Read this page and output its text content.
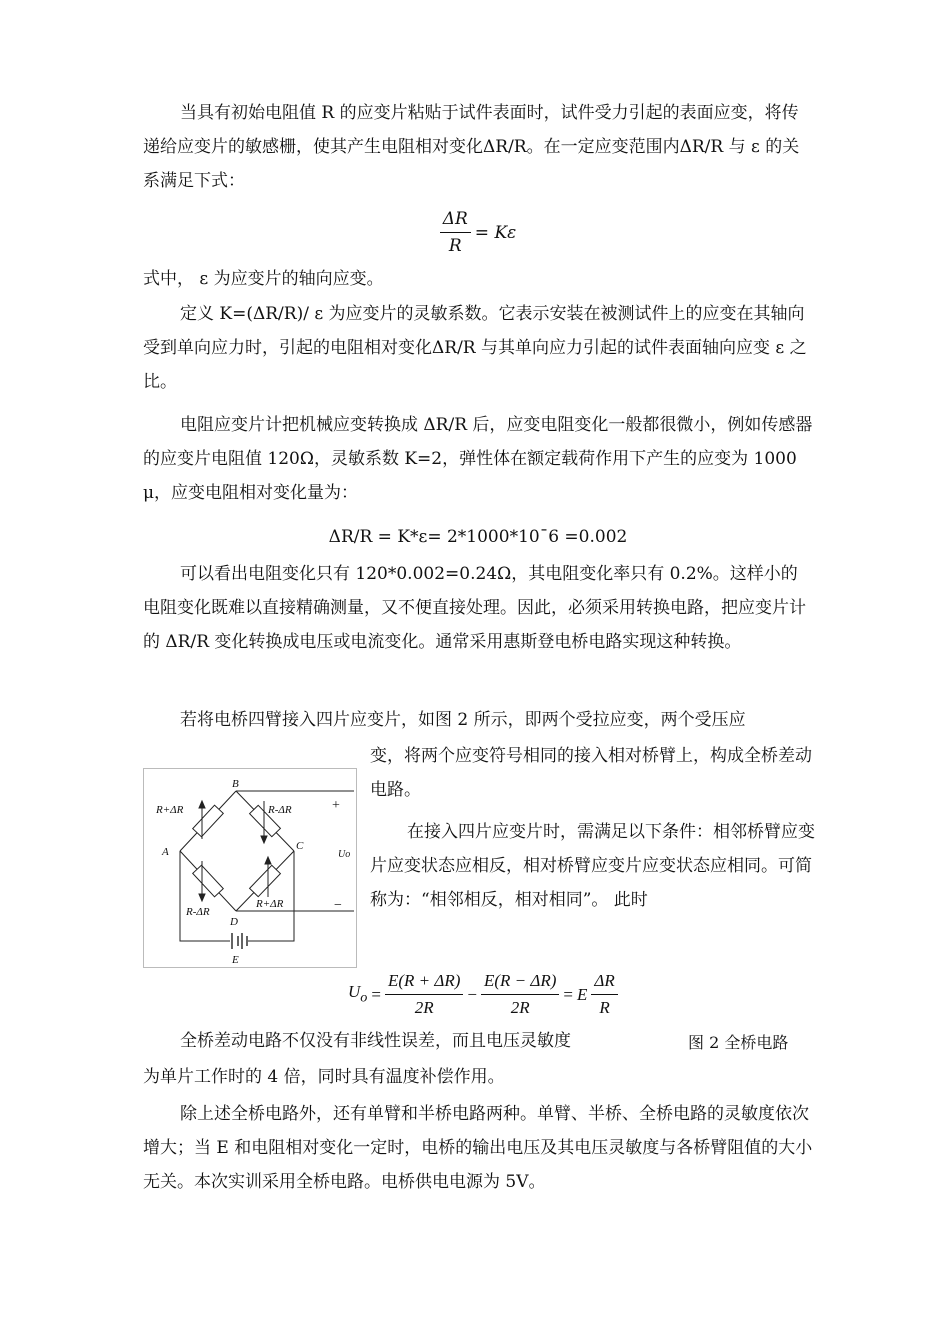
当具有初始电阻值 R 的应变片粘贴于试件表面时，试件受力引起的表面应变，将传递给应变片的敏感栅，使其产生电阻相对变化ΔR/R。在一定应变范围内ΔR/R 与 ε 的关系满足下式：

$\frac{\Delta R}{R} = K\varepsilon$

式中， ε 为应变片的轴向应变。

定义 K=(ΔR/R)/ ε 为应变片的灵敏系数。它表示安装在被测试件上的应变在其轴向受到单向应力时，引起的电阻相对变化ΔR/R 与其单向应力引起的试件表面轴向应变 ε 之比。

电阻应变片计把机械应变转换成 ΔR/R 后，应变电阻变化一般都很微小，例如传感器的应变片电阻值 120Ω，灵敏系数 K=2，弹性体在额定载荷作用下产生的应变为 1000 μ，应变电阻相对变化量为：

ΔR/R = K*ε= 2*1000*10ˉ6 =0.002

可以看出电阻变化只有 120*0.002=0.24Ω，其电阻变化率只有 0.2%。这样小的电阻变化既难以直接精确测量，又不便直接处理。因此，必须采用转换电路，把应变片计的 ΔR/R 变化转换成电压或电流变化。通常采用惠斯登电桥电路实现这种转换。

若将电桥四臂接入四片应变片，如图 2 所示，即两个受拉应变，两个受压应

变，将两个应变符号相同的接入相对桥臂上，构成全桥差动电路。

在接入四片应变片时，需满足以下条件：相邻桥臂应变片应变状态应相反，相对桥臂应变片应变状态应相同。可简称为：“相邻相反，相对相同”。 此时

B
A	C
D
E
R+ΔR	R-ΔR
R-ΔR
R+ΔR
+
−
Uo
$U_o = \frac{E(R + \Delta R)}{2R} - \frac{E(R - \Delta R)}{2R} = E \frac{\Delta R}{R}$

全桥差动电路不仅没有非线性误差，而且电压灵敏度	图 2 全桥电路

为单片工作时的 4 倍，同时具有温度补偿作用。

除上述全桥电路外，还有单臂和半桥电路两种。单臂、半桥、全桥电路的灵敏度依次增大；当 E 和电阻相对变化一定时，电桥的输出电压及其电压灵敏度与各桥臂阻值的大小无关。本次实训采用全桥电路。电桥供电电源为 5V。
